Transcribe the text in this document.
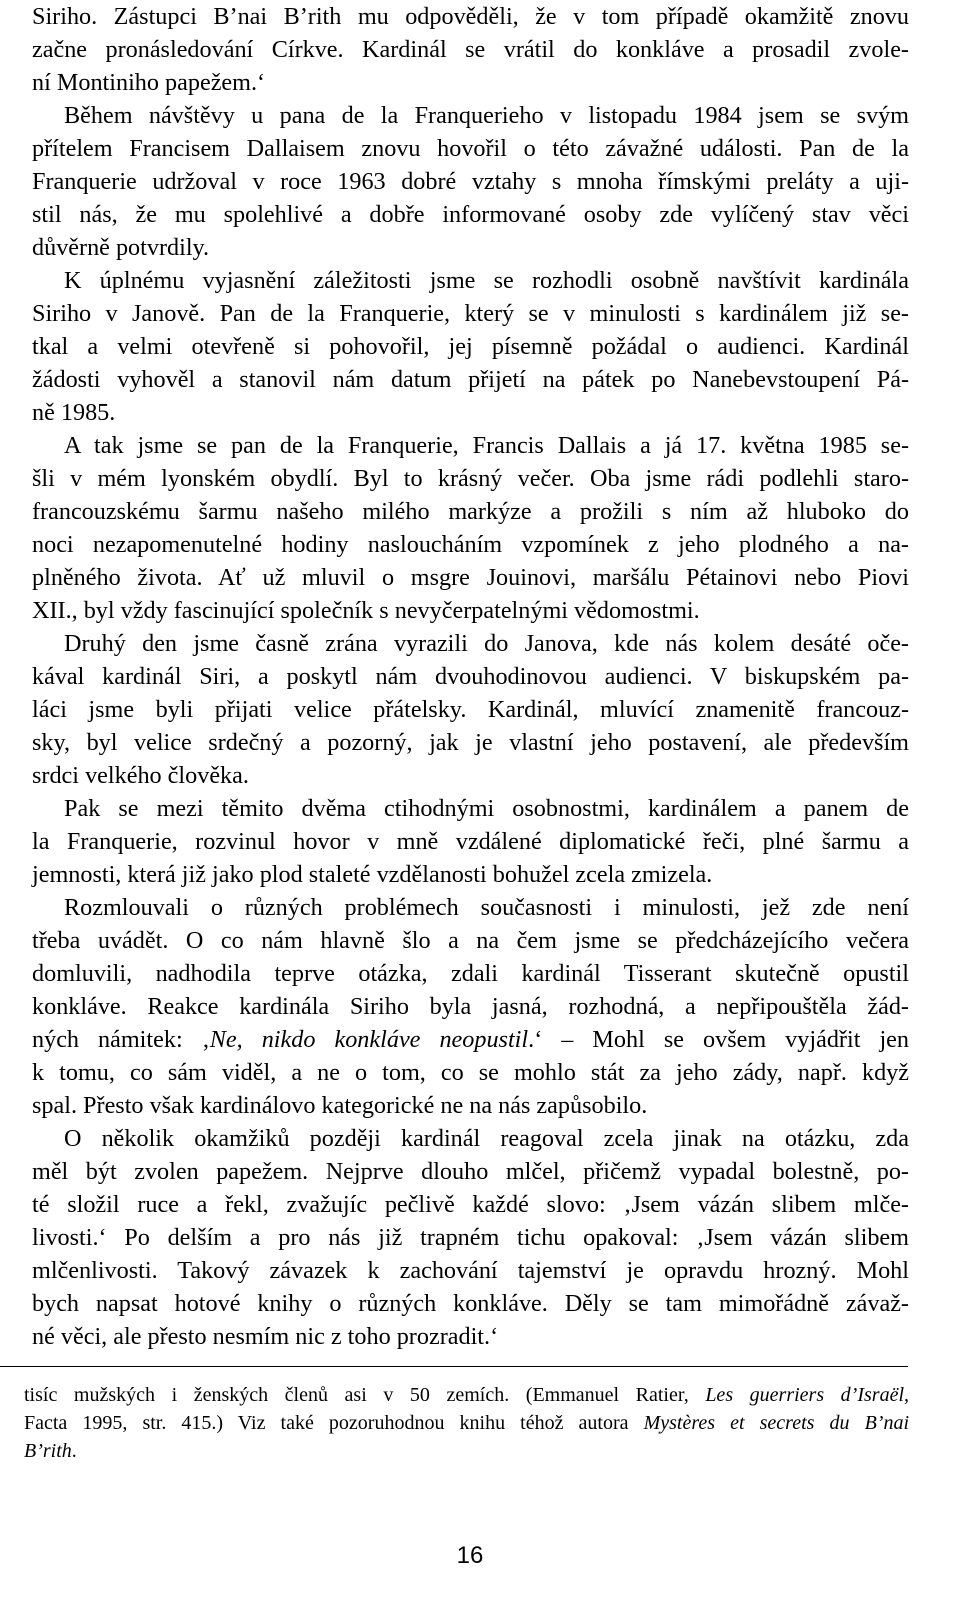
Siriho. Zástupci B’nai B’rith mu odpověděli, že v tom případě okamžitě znovu
začne pronásledování Církve. Kardinál se vrátil do konkláve a prosadil zvole-
ní Montiniho papežem.‘
Během návštěvy u pana de la Franquerieho v listopadu 1984 jsem se svým
přítelem Francisem Dallaisem znovu hovořil o této závažné události. Pan de la
Franquerie udržoval v roce 1963 dobré vztahy s mnoha římskými preláty a uji-
stil nás, že mu spolehlivé a dobře informované osoby zde vylíčený stav věci
důvěrně potvrdily.
K úplnému vyjasnění záležitosti jsme se rozhodli osobně navštívit kardinála
Siriho v Janově. Pan de la Franquerie, který se v minulosti s kardinálem již se-
tkal a velmi otevřeně si pohovořil, jej písemně požádal o audienci. Kardinál
žádosti vyhověl a stanovil nám datum přijetí na pátek po Nanebevstoupení Pá-
ně 1985.
A tak jsme se pan de la Franquerie, Francis Dallais a já 17. května 1985 se-
šli v mém lyonském obydlí. Byl to krásný večer. Oba jsme rádi podlehli staro-
francouzskému šarmu našeho milého markýze a prožili s ním až hluboko do
noci nezapomenutelné hodiny nasloucháním vzpomínek z jeho plodného a na-
plněného života. Ať už mluvil o msgre Jouinovi, maršálu Pétainovi nebo Piovi
XII., byl vždy fascinující společník s nevyčerpatelnými vědomostmi.
Druhý den jsme časně zrána vyrazili do Janova, kde nás kolem desáté oče-
kával kardinál Siri, a poskytl nám dvouhodinovou audienci. V biskupském pa-
láci jsme byli přijati velice přátelsky. Kardinál, mluvící znamenitě francouz-
sky, byl velice srdečný a pozorný, jak je vlastní jeho postavení, ale především
srdci velkého člověka.
Pak se mezi těmito dvěma ctihodnými osobnostmi, kardinálem a panem de
la Franquerie, rozvinul hovor v mně vzdálené diplomatické řeči, plné šarmu a
jemnosti, která již jako plod staleté vzdělanosti bohužel zcela zmizela.
Rozmlouvali o různých problémech současnosti i minulosti, jež zde není
třeba uvádět. O co nám hlavně šlo a na čem jsme se předcházejícího večera
domluvili, nadhodila teprve otázka, zdali kardinál Tisserant skutečně opustil
konkláve. Reakce kardinála Siriho byla jasná, rozhodná, a nepřipouštěla žád-
ných námitek: ‚Ne, nikdo konkláve neopustil.‘ – Mohl se ovšem vyjádřit jen
k tomu, co sám viděl, a ne o tom, co se mohlo stát za jeho zády, např. když
spal. Přesto však kardinálovo kategorické ne na nás zapůsobilo.
O několik okamžiků později kardinál reagoval zcela jinak na otázku, zda
měl být zvolen papežem. Nejprve dlouho mlčel, přičemž vypadal bolestně, po-
té složil ruce a řekl, zvažujíc pečlivě každé slovo: ‚Jsem vázán slibem mlče-
livosti.‘ Po delším a pro nás již trapném tichu opakoval: ‚Jsem vázán slibem
mlčenlivosti. Takový závazek k zachování tajemství je opravdu hrozný. Mohl
bych napsat hotové knihy o různých konkláve. Děly se tam mimořádně závaž-
né věci, ale přesto nesmím nic z toho prozradit.‘
tisíc mužských i ženských členů asi v 50 zemích. (Emmanuel Ratier, Les guerriers d’Israël,
Facta 1995, str. 415.) Viz také pozoruhodnou knihu téhož autora Mystères et secrets du B’nai
B’rith.
16
